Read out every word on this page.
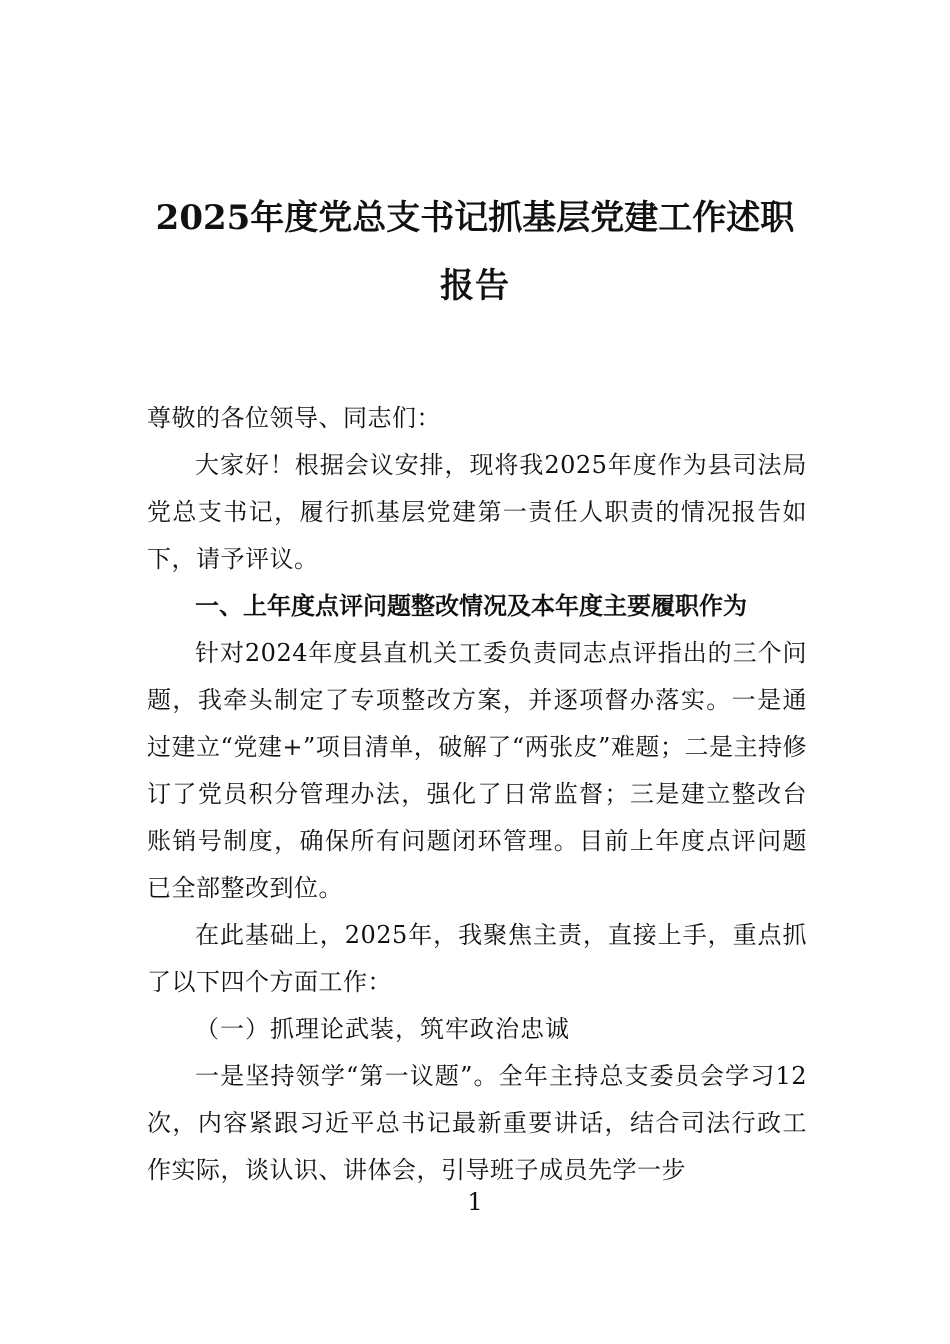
2025年度党总支书记抓基层党建工作述职
报告

尊敬的各位领导、同志们：

大家好！根据会议安排，现将我2025年度作为县司法局党总支书记，履行抓基层党建第一责任人职责的情况报告如下，请予评议。

一、上年度点评问题整改情况及本年度主要履职作为

针对2024年度县直机关工委负责同志点评指出的三个问题，我牵头制定了专项整改方案，并逐项督办落实。一是通过建立“党建+”项目清单，破解了“两张皮”难题；二是主持修订了党员积分管理办法，强化了日常监督；三是建立整改台账销号制度，确保所有问题闭环管理。目前上年度点评问题已全部整改到位。

在此基础上，2025年，我聚焦主责，直接上手，重点抓了以下四个方面工作：

（一）抓理论武装，筑牢政治忠诚

一是坚持领学“第一议题”。全年主持总支委员会学习12次，内容紧跟习近平总书记最新重要讲话，结合司法行政工作实际，谈认识、讲体会，引导班子成员先学一步

1
